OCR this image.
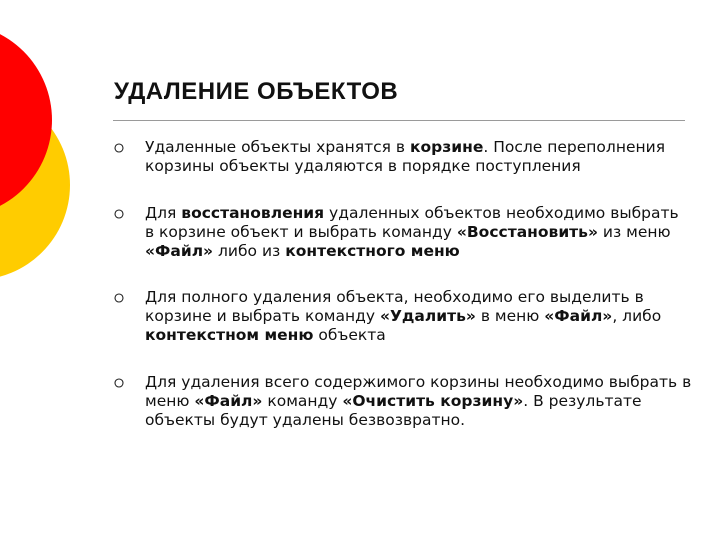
УДАЛЕНИЕ ОБЪЕКТОВ
Удаленные объекты хранятся в корзине. После переполнения корзины объекты удаляются в порядке поступления
Для восстановления удаленных объектов необходимо выбрать в корзине объект и выбрать команду «Восстановить» из меню «Файл» либо из контекстного меню
Для полного удаления объекта, необходимо его выделить в корзине и выбрать команду «Удалить» в меню «Файл», либо контекстном меню объекта
Для удаления всего содержимого корзины необходимо выбрать в меню «Файл» команду «Очистить корзину». В результате объекты будут удалены безвозвратно.
